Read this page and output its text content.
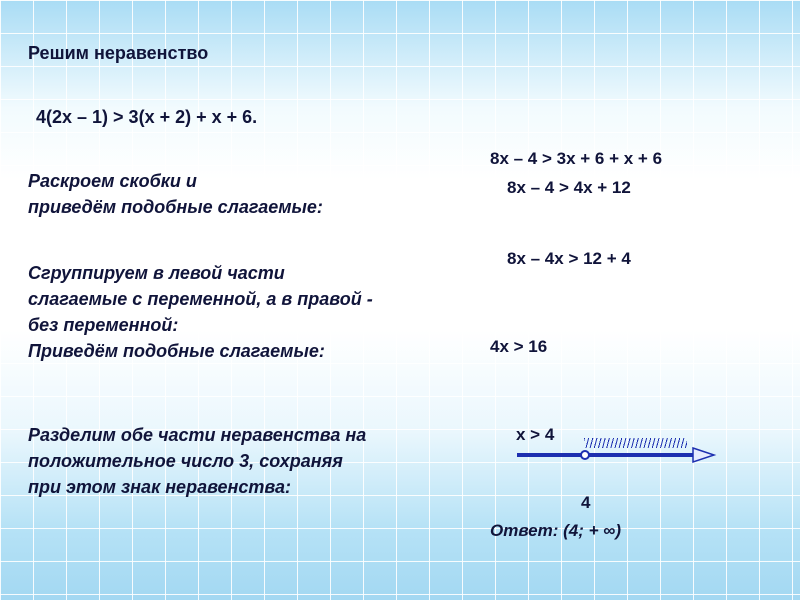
Решим неравенство
4(2х – 1) > 3(х + 2) + х + 6.
Раскроем скобки и
приведём подобные слагаемые:
Сгруппируем в левой части
слагаемые с переменной, а в правой -
без переменной:
Приведём подобные слагаемые:
Разделим обе части неравенства на
положительное число 3, сохраняя
при этом знак неравенства:
8х – 4 > 3х + 6 + х + 6
8х – 4 > 4х + 12
8х – 4х > 12 + 4
4х > 16
х > 4
4
Ответ: (4; + ∞)
